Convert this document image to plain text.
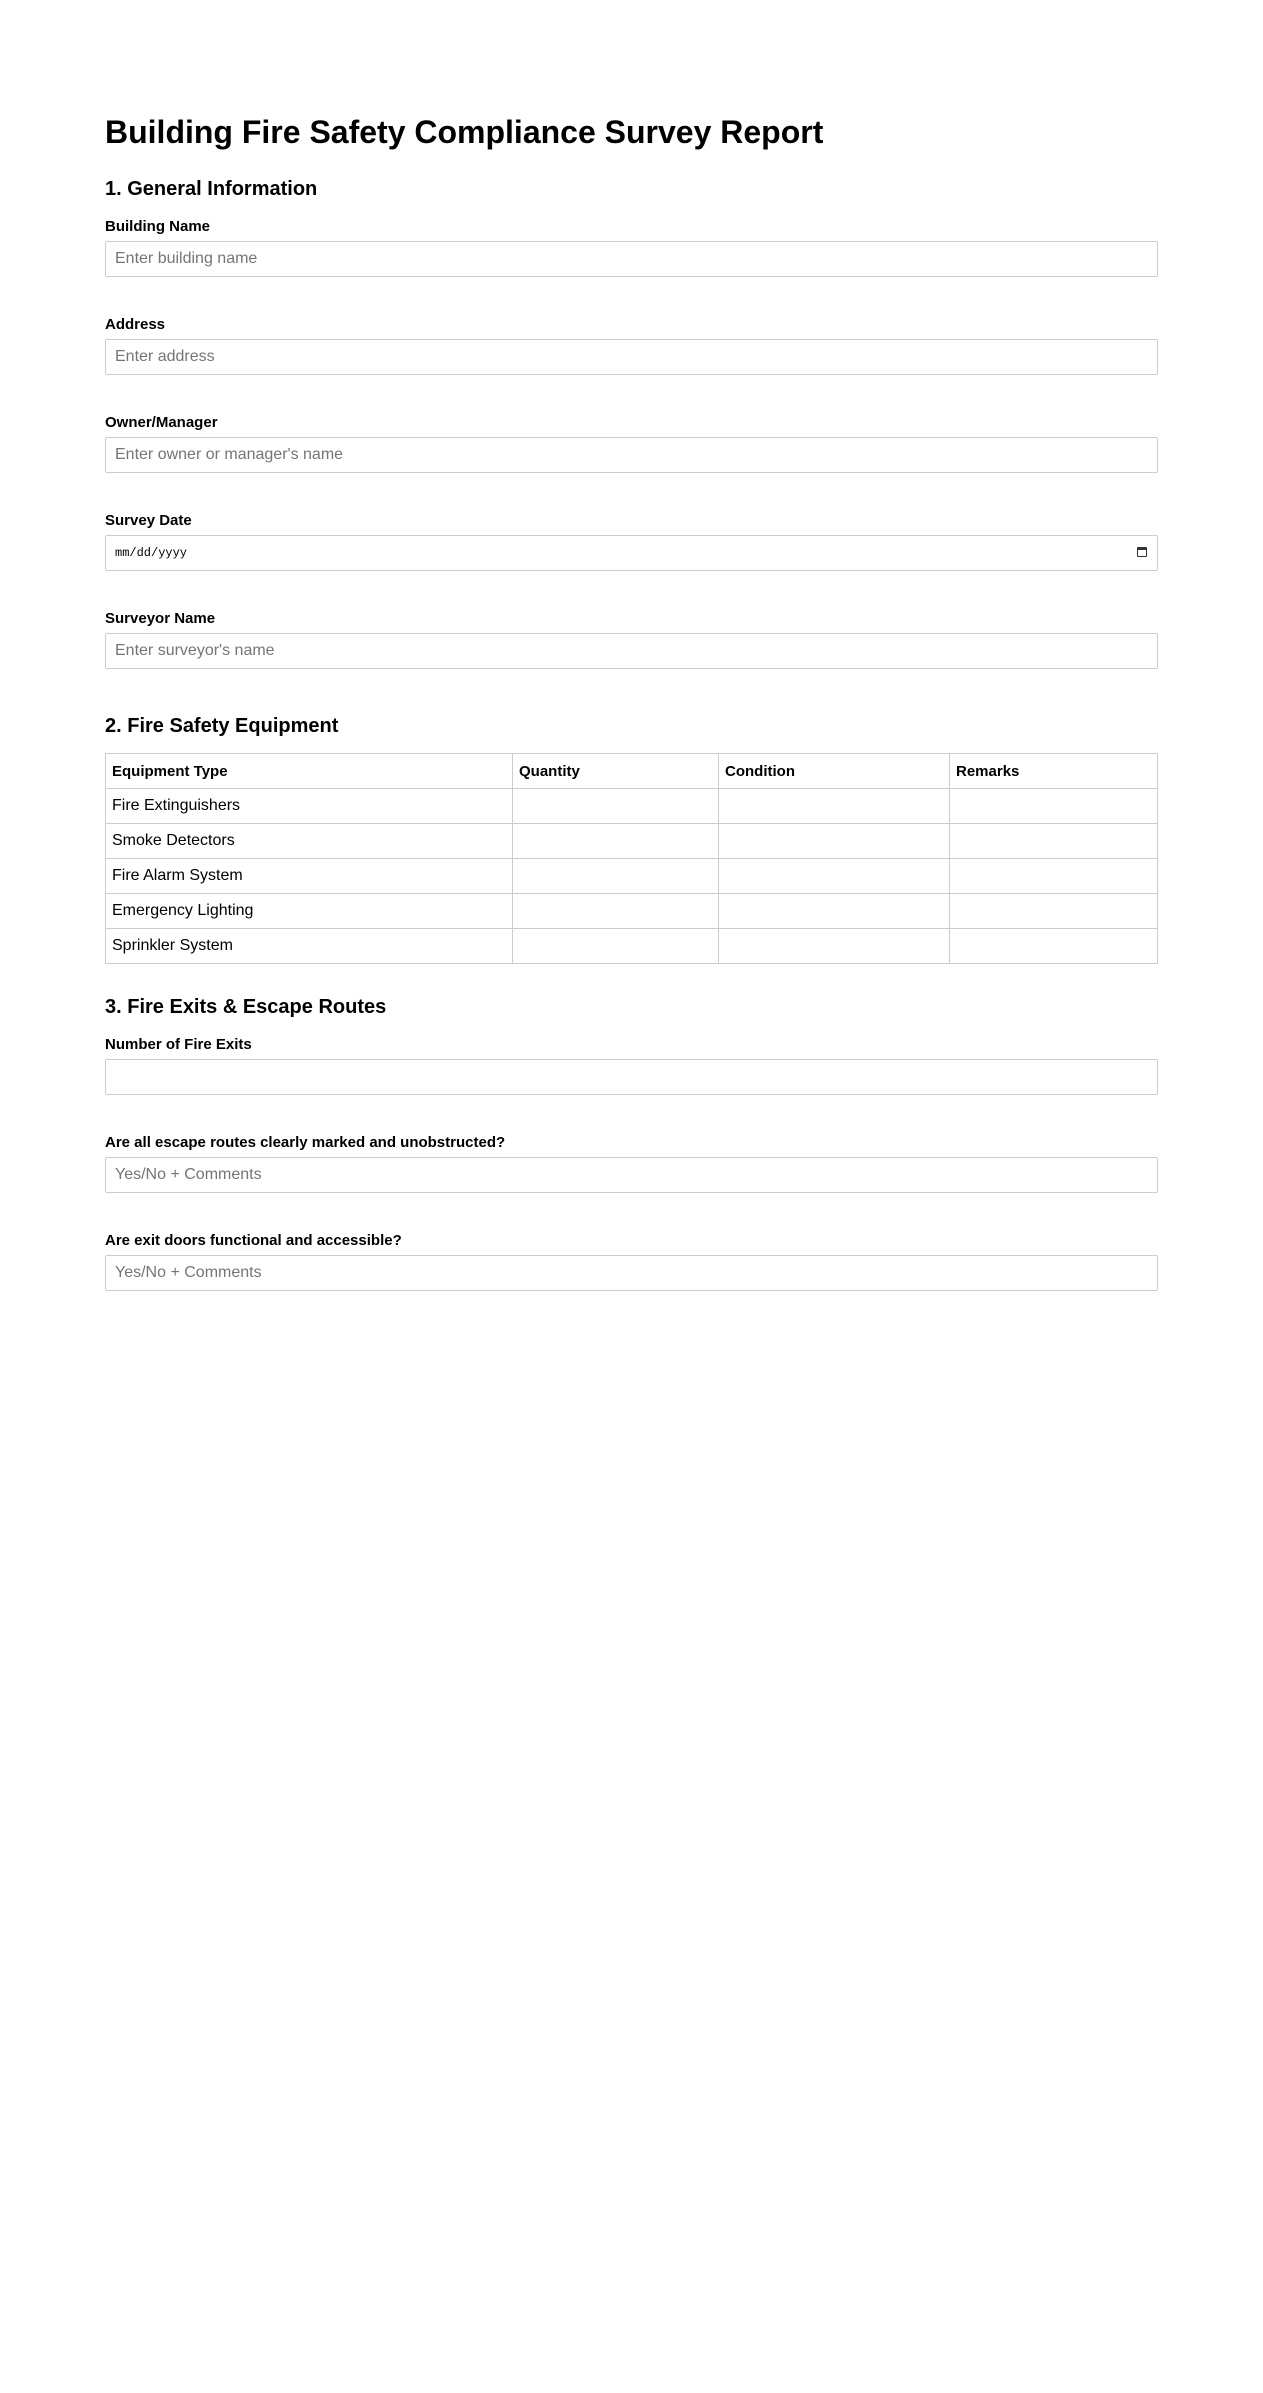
Building Fire Safety Compliance Survey Report
1. General Information
Building Name
Enter building name
Address
Enter address
Owner/Manager
Enter owner or manager's name
Survey Date
mm/dd/yyyy
Surveyor Name
Enter surveyor's name
2. Fire Safety Equipment
Equipment Type	Quantity	Condition	Remarks
Fire Extinguishers			
Smoke Detectors			
Fire Alarm System			
Emergency Lighting			
Sprinkler System			
3. Fire Exits & Escape Routes
Number of Fire Exits
Are all escape routes clearly marked and unobstructed?
Yes/No + Comments
Are exit doors functional and accessible?
Yes/No + Comments
